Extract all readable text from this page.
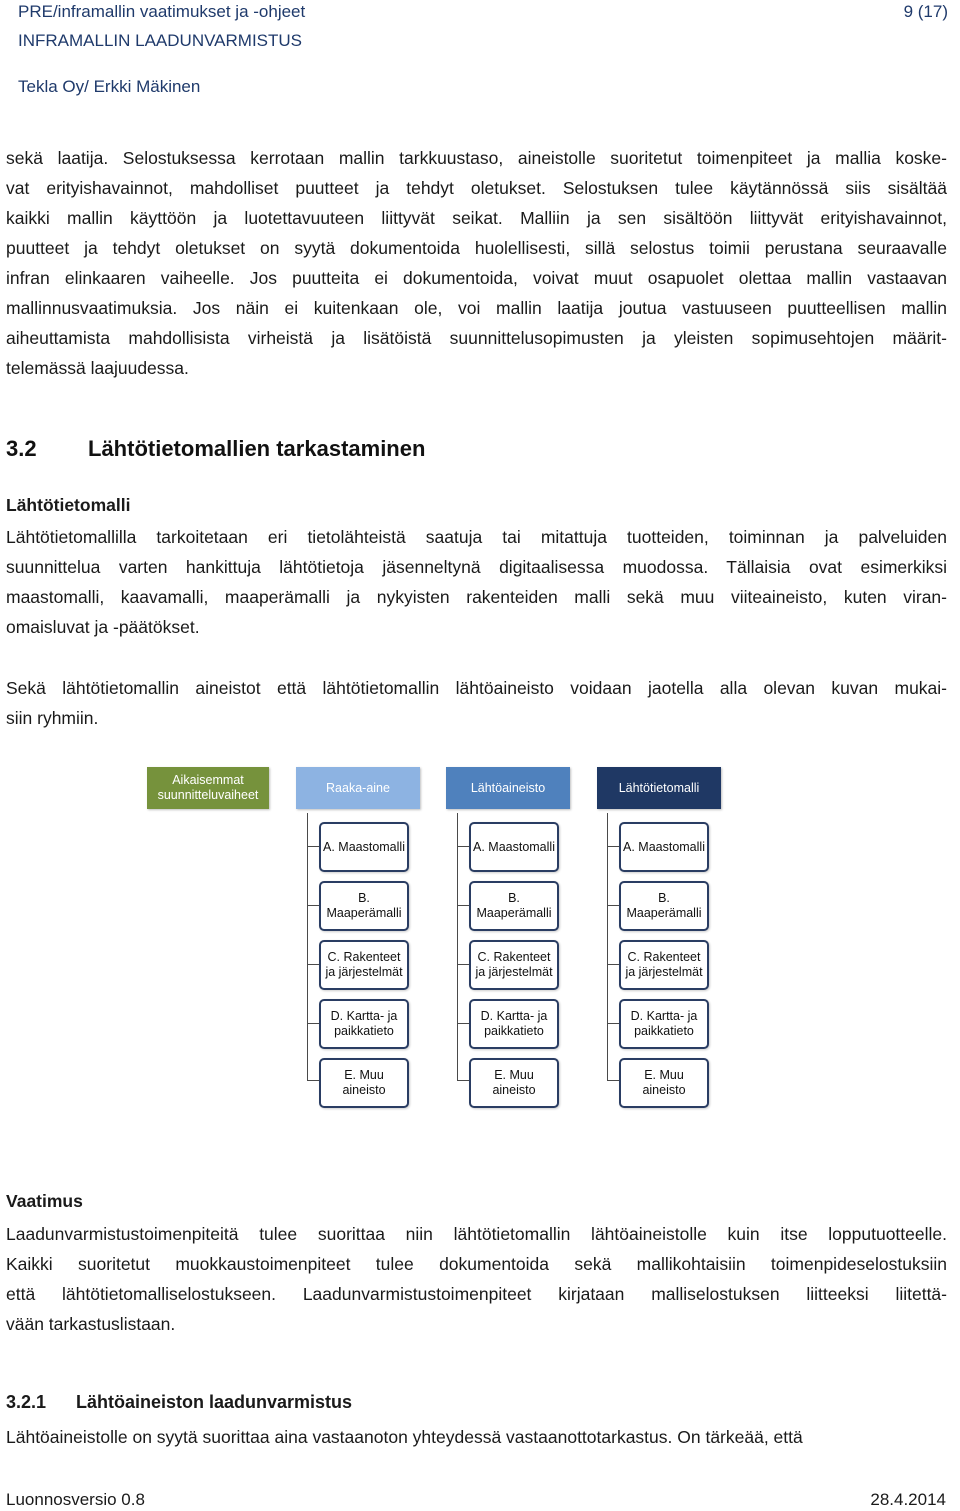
PRE/inframallin vaatimukset ja -ohjeet	9 (17)
INFRAMALLIN LAADUNVARMISTUS
Tekla Oy/ Erkki Mäkinen
sekä laatija. Selostuksessa kerrotaan mallin tarkkuustaso, aineistolle suoritetut toimenpiteet ja mallia koske-
vat erityishavainnot, mahdolliset puutteet ja tehdyt oletukset. Selostuksen tulee käytännössä siis sisältää
kaikki mallin käyttöön ja luotettavuuteen liittyvät seikat. Malliin ja sen sisältöön liittyvät erityishavainnot,
puutteet ja tehdyt oletukset on syytä dokumentoida huolellisesti, sillä selostus toimii perustana seuraavalle
infran elinkaaren vaiheelle. Jos puutteita ei dokumentoida, voivat muut osapuolet olettaa mallin vastaavan
mallinnusvaatimuksia. Jos näin ei kuitenkaan ole, voi mallin laatija joutua vastuuseen puutteellisen mallin
aiheuttamista mahdollisista virheistä ja lisätöistä suunnittelusopimusten ja yleisten sopimusehtojen määrit-
telemässä laajuudessa.
3.2 Lähtötietomallien tarkastaminen
Lähtötietomalli
Lähtötietomallilla tarkoitetaan eri tietolähteistä saatuja tai mitattuja tuotteiden, toiminnan ja palveluiden
suunnittelua varten hankittuja lähtötietoja jäsenneltynä digitaalisessa muodossa. Tällaisia ovat esimerkiksi
maastomalli, kaavamalli, maaperämalli ja nykyisten rakenteiden malli sekä muu viiteaineisto, kuten viran-
omaisluvat ja -päätökset.
Sekä lähtötietomallin aineistot että lähtötietomallin lähtöaineisto voidaan jaotella alla olevan kuvan mukai-
siin ryhmiin.
Aikaisemmat suunnitteluvaiheet
Raaka-aine	Lähtöaineisto	Lähtötietomalli
A. Maastomalli
B. Maaperämalli
C. Rakenteet ja järjestelmät
D. Kartta- ja paikkatieto
E. Muu aineisto
A. Maastomalli
B. Maaperämalli
C. Rakenteet ja järjestelmät
D. Kartta- ja paikkatieto
E. Muu aineisto
A. Maastomalli
B. Maaperämalli
C. Rakenteet ja järjestelmät
D. Kartta- ja paikkatieto
E. Muu aineisto
Vaatimus
Laadunvarmistustoimenpiteitä tulee suorittaa niin lähtötietomallin lähtöaineistolle kuin itse lopputuotteelle.
Kaikki suoritetut muokkaustoimenpiteet tulee dokumentoida sekä mallikohtaisiin toimenpideselostuksiin
että lähtötietomalliselostukseen. Laadunvarmistustoimenpiteet kirjataan malliselostuksen liitteeksi liitettä-
vään tarkastuslistaan.
3.2.1 Lähtöaineiston laadunvarmistus
Lähtöaineistolle on syytä suorittaa aina vastaanoton yhteydessä vastaanottotarkastus. On tärkeää, että
Luonnosversio 0.8	28.4.2014
